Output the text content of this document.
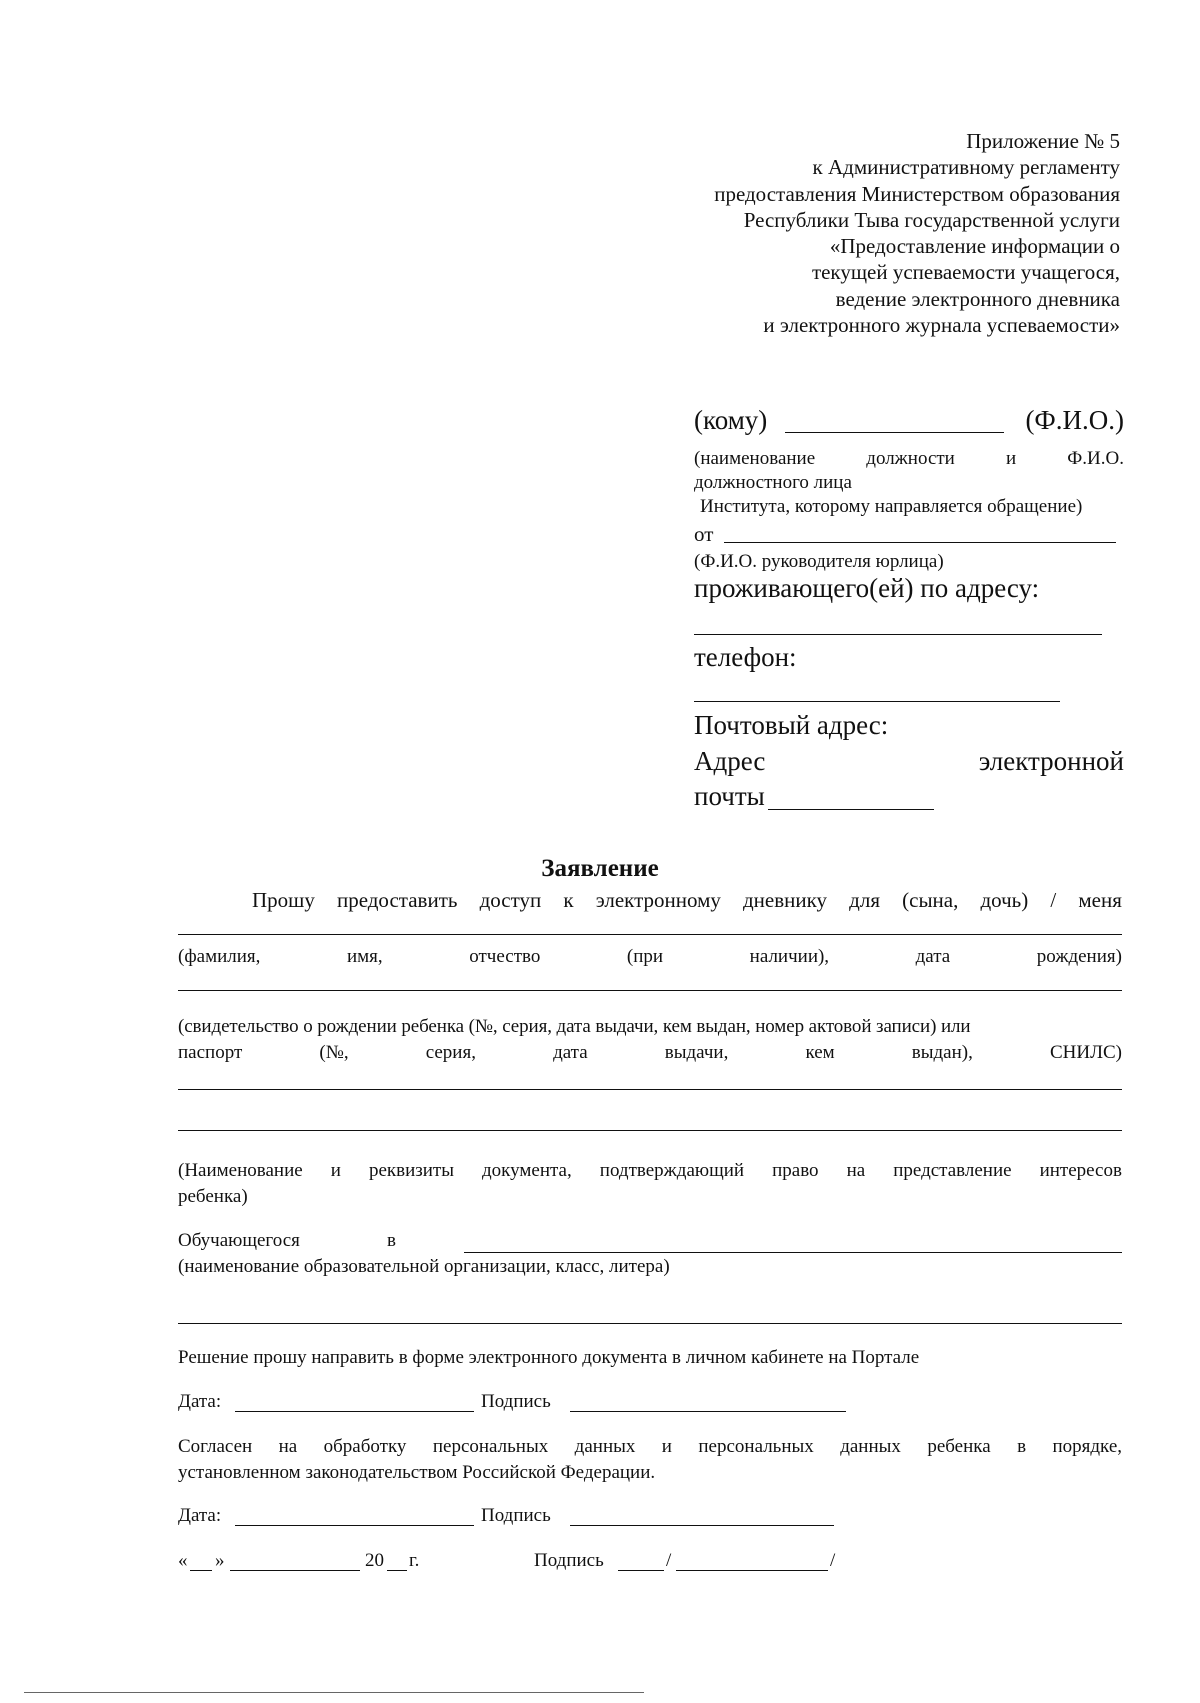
Приложение № 5
к Административному регламенту
предоставления Министерством образования
Республики Тыва государственной услуги
«Предоставление информации о
текущей успеваемости учащегося,
ведение электронного дневника
и электронного журнала успеваемости»
(кому)	(Ф.И.О.)
(наименование	должности	и	Ф.И.О.
должностного лица
Института, которому направляется обращение)
от
(Ф.И.О. руководителя юрлица)
проживающего(ей) по адресу:
телефон:
Почтовый адрес:
Адрес	электронной
почты
Заявление
Прошу предоставить доступ к электронному дневнику для (сына, дочь) / меня
(фамилия,	имя,	отчество	(при	наличии),	дата	рождения)
(свидетельство о рождении ребенка (№, серия, дата выдачи, кем выдан, номер актовой записи) или
паспорт	(№,	серия,	дата	выдачи,	кем	выдан),	СНИЛС)
(Наименование и реквизиты документа, подтверждающий право на представление интересов
ребенка)
Обучающегося	в
(наименование образовательной организации, класс, литера)
Решение прошу направить в форме электронного документа в личном кабинете на Портале
Дата:	Подпись
Согласен на обработку персональных данных и персональных данных ребенка в порядке,
установленном законодательством Российской Федерации.
Дата:	Подпись
« »	20 г.	Подпись	/	/
